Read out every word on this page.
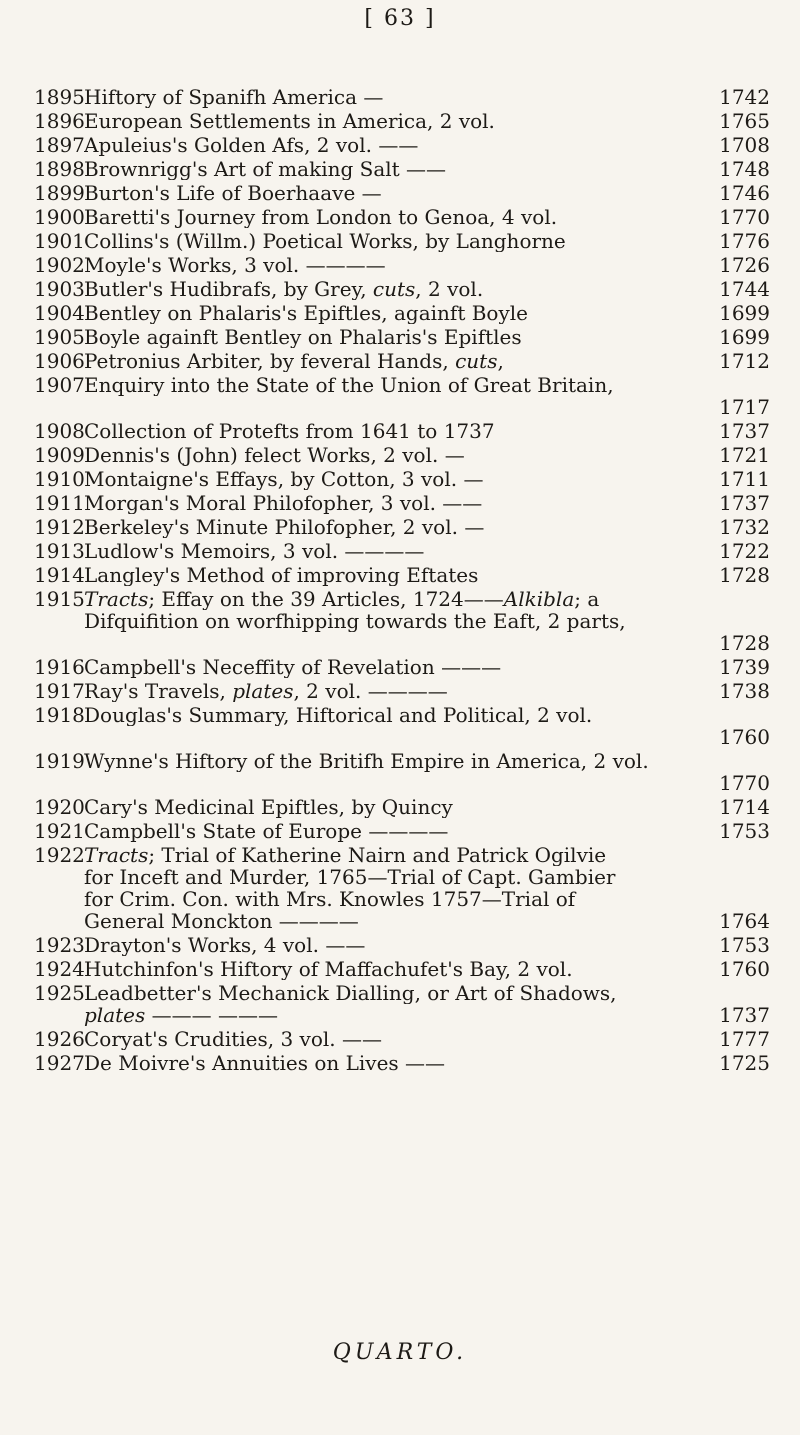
[ 63 ]
1895 Hiftory of Spanifh America —	1742
1896 European Settlements in America, 2 vol.	1765
1897 Apuleius's Golden Afs, 2 vol. ——	1708
1898 Brownrigg's Art of making Salt ——	1748
1899 Burton's Life of Boerhaave —	1746
1900 Baretti's Journey from London to Genoa, 4 vol.	1770
1901 Collins's (Willm.) Poetical Works, by Langhorne	1776
1902 Moyle's Works, 3 vol. ————	1726
1903 Butler's Hudibrafs, by Grey, cuts, 2 vol.	1744
1904 Bentley on Phalaris's Epiftles, againft Boyle	1699
1905 Boyle againft Bentley on Phalaris's Epiftles	1699
1906 Petronius Arbiter, by feveral Hands, cuts,	1712
1907 Enquiry into the State of the Union of Great Britain,
1717
1908 Collection of Protefts from 1641 to 1737	1737
1909 Dennis's (John) felect Works, 2 vol. —	1721
1910 Montaigne's Effays, by Cotton, 3 vol. —	1711
1911 Morgan's Moral Philofopher, 3 vol. ——	1737
1912 Berkeley's Minute Philofopher, 2 vol. —	1732
1913 Ludlow's Memoirs, 3 vol. ————	1722
1914 Langley's Method of improving Eftates	1728
1915 Tracts; Effay on the 39 Articles, 1724——Alkibla; a
Difquifition on worfhipping towards the Eaft, 2 parts,
1728
1916 Campbell's Neceffity of Revelation ———	1739
1917 Ray's Travels, plates, 2 vol. ————	1738
1918 Douglas's Summary, Hiftorical and Political, 2 vol.
1760
1919 Wynne's Hiftory of the Britifh Empire in America, 2 vol.
1770
1920 Cary's Medicinal Epiftles, by Quincy	1714
1921 Campbell's State of Europe ————	1753
1922 Tracts; Trial of Katherine Nairn and Patrick Ogilvie
for Inceft and Murder, 1765—Trial of Capt. Gambier
for Crim. Con. with Mrs. Knowles 1757—Trial of
General Monckton ————	1764
1923 Drayton's Works, 4 vol. ——	1753
1924 Hutchinfon's Hiftory of Maffachufet's Bay, 2 vol.	1760
1925 Leadbetter's Mechanick Dialling, or Art of Shadows,
plates ——— ———	1737
1926 Coryat's Crudities, 3 vol. ——	1777
1927 De Moivre's Annuities on Lives ——	1725
QUARTO.
